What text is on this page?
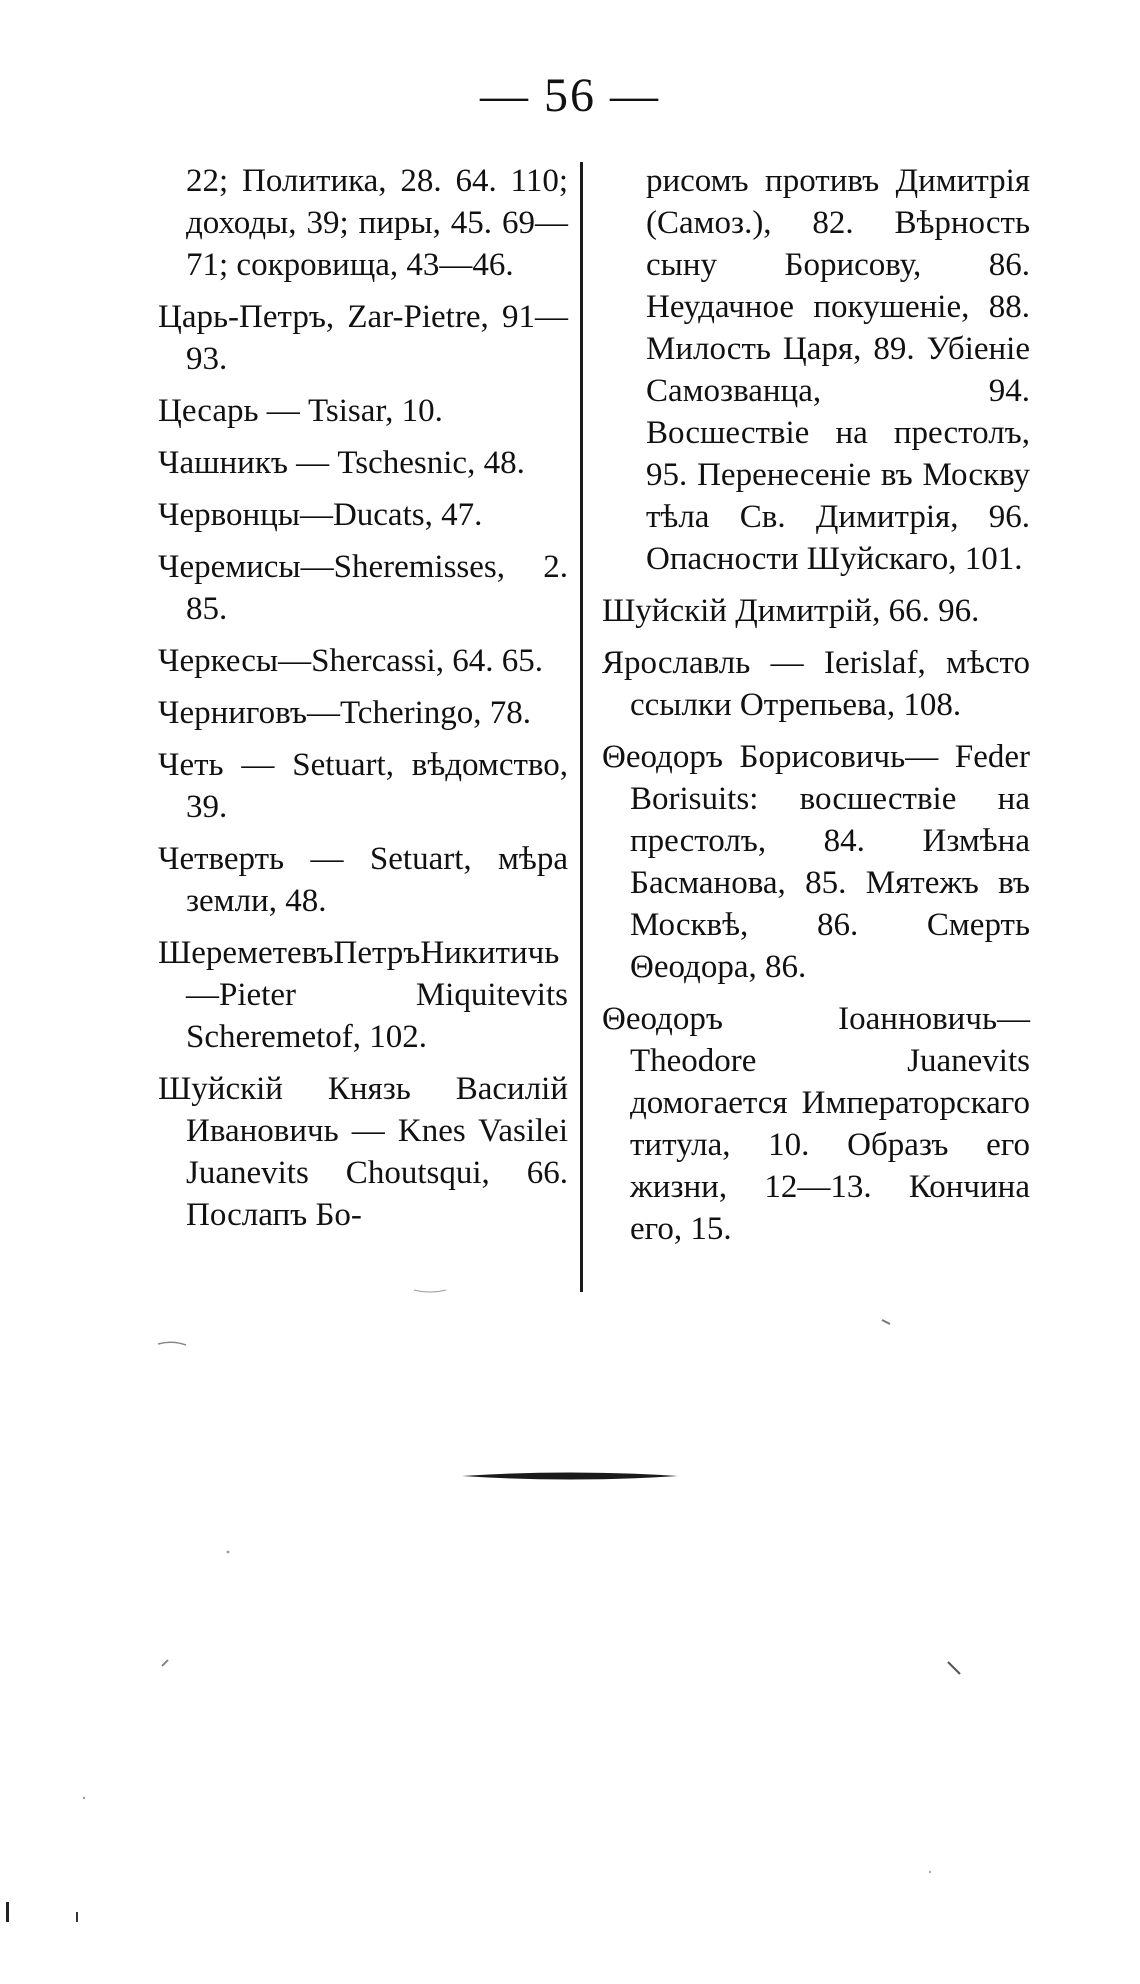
— 56 —

22; Политика, 28. 64. 110; доходы, 39; пиры, 45. 69—71; сокровища, 43—46.

Царь-Петръ, Zar-Pietre, 91—93.

Цесарь — Tsisar, 10.

Чашникъ — Tschesnic, 48.

Червонцы—Ducats, 47.

Черемисы—Sheremisses, 2. 85.

Черкесы—Shercassi, 64. 65.

Черниговъ—Tcheringo, 78.

Четь — Setuart, вѣдомство, 39.

Четверть — Setuart, мѣра земли, 48.

ШереметевъПетръНикитичь—Pieter Miquitevits Scheremetof, 102.

Шуйскій Князь Василій Ивановичь — Knes Vasilei Juanevits Choutsqui, 66. Послапъ Бо-

рисомъ противъ Димитрія (Самоз.), 82. Вѣрность сыну Борисову, 86. Неудачное покушеніе, 88. Милость Царя, 89. Убіеніе Самозванца, 94. Восшествіе на престолъ, 95. Перенесеніе въ Москву тѣла Св. Димитрія, 96. Опасности Шуйскаго, 101.

Шуйскій Димитрій, 66. 96.

Ярославль — Ierislaf, мѣсто ссылки Отрепьева, 108.

Θеодоръ Борисовичь— Feder Borisuits: восшествіе на престолъ, 84. Измѣна Басманова, 85. Мятежъ въ Москвѣ, 86. Смерть Θеодора, 86.

Θеодоръ Іоанновичь— Theodore Juanevits домогается Императорскаго титула, 10. Образъ его жизни, 12—13. Кончина его, 15.
